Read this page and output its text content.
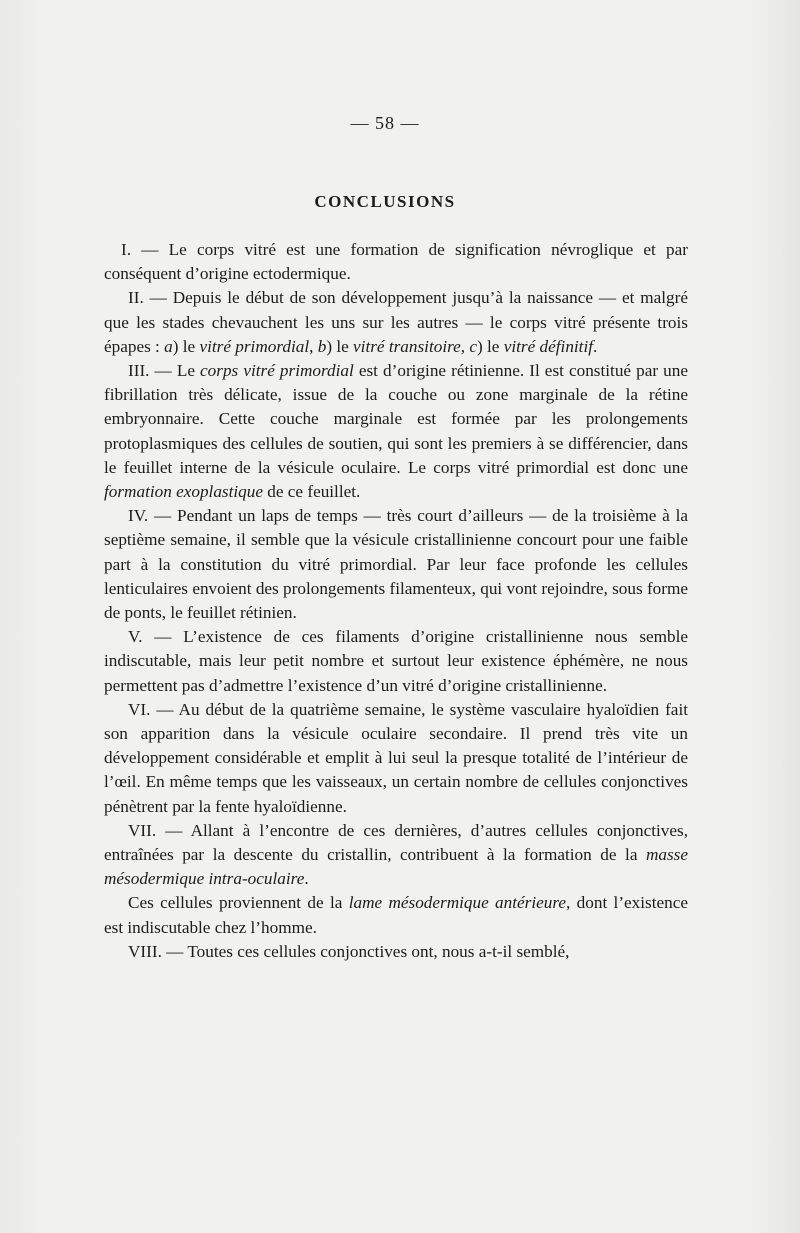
— 58 —
CONCLUSIONS

I. — Le corps vitré est une formation de signification névroglique et par conséquent d’origine ectodermique.

II. — Depuis le début de son développement jusqu’à la naissance — et malgré que les stades chevauchent les uns sur les autres — le corps vitré présente trois épapes : a) le vitré primordial, b) le vitré transitoire, c) le vitré définitif.

III. — Le corps vitré primordial est d’origine rétinienne. Il est constitué par une fibrillation très délicate, issue de la couche ou zone marginale de la rétine embryonnaire. Cette couche marginale est formée par les prolongements protoplasmiques des cellules de soutien, qui sont les premiers à se différencier, dans le feuillet interne de la vésicule oculaire. Le corps vitré primordial est donc une formation exoplastique de ce feuillet.

IV. — Pendant un laps de temps — très court d’ailleurs — de la troisième à la septième semaine, il semble que la vésicule cristallinienne concourt pour une faible part à la constitution du vitré primordial. Par leur face profonde les cellules lenticulaires envoient des prolongements filamenteux, qui vont rejoindre, sous forme de ponts, le feuillet rétinien.

V. — L’existence de ces filaments d’origine cristallinienne nous semble indiscutable, mais leur petit nombre et surtout leur existence éphémère, ne nous permettent pas d’admettre l’existence d’un vitré d’origine cristallinienne.

VI. — Au début de la quatrième semaine, le système vasculaire hyaloïdien fait son apparition dans la vésicule oculaire secondaire. Il prend très vite un développement considérable et emplit à lui seul la presque totalité de l’intérieur de l’œil. En même temps que les vaisseaux, un certain nombre de cellules conjonctives pénètrent par la fente hyaloïdienne.

VII. — Allant à l’encontre de ces dernières, d’autres cellules conjonctives, entraînées par la descente du cristallin, contribuent à la formation de la masse mésodermique intra-oculaire.

Ces cellules proviennent de la lame mésodermique antérieure, dont l’existence est indiscutable chez l’homme.

VIII. — Toutes ces cellules conjonctives ont, nous a-t-il semblé,
